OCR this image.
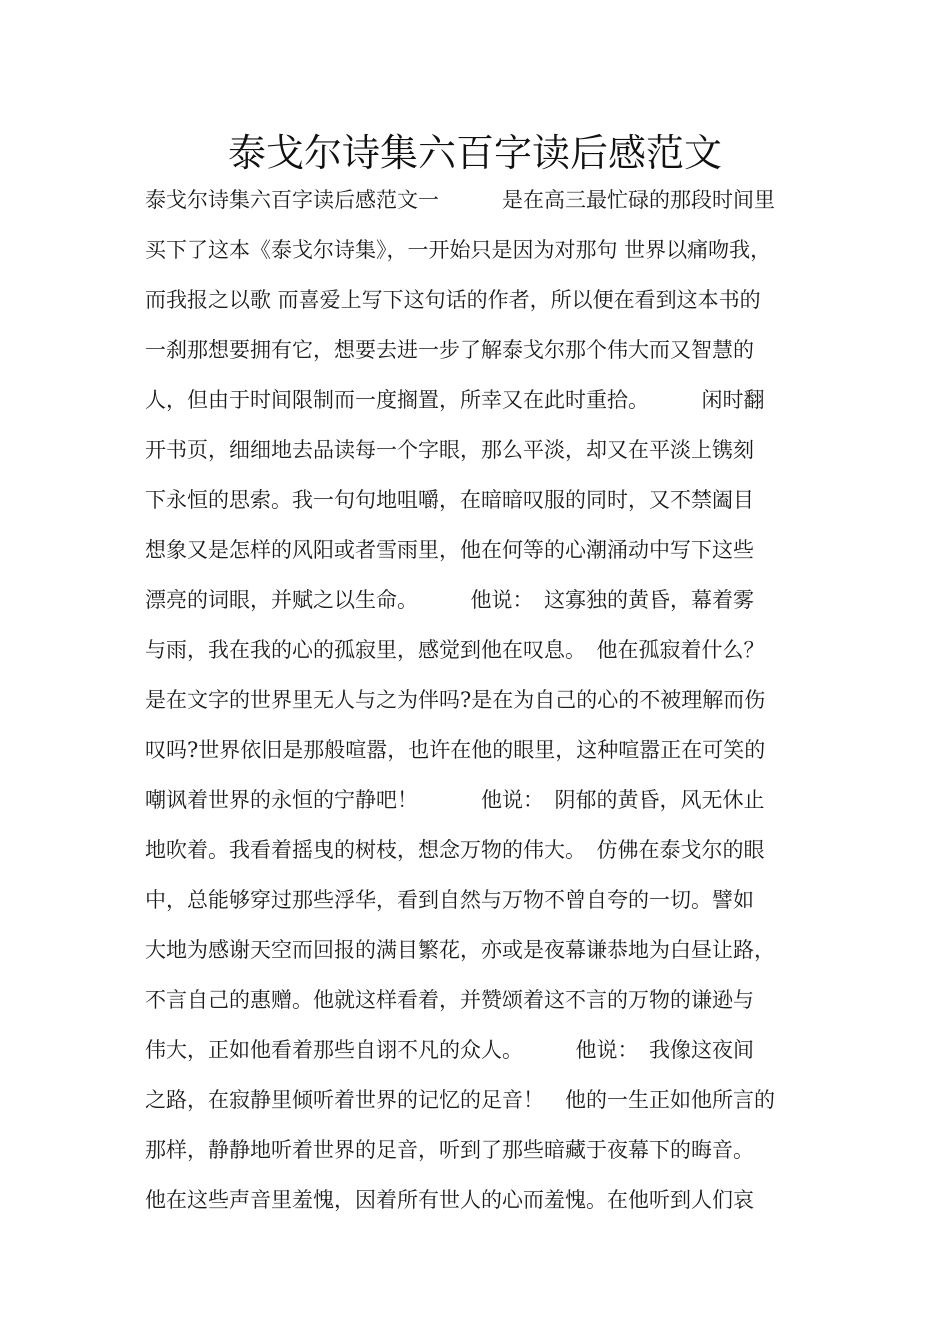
泰戈尔诗集六百字读后感范文
泰戈尔诗集六百字读后感范文一　　　是在高三最忙碌的那段时间里
买下了这本《泰戈尔诗集》，一开始只是因为对那句 世界以痛吻我，
而我报之以歌 而喜爱上写下这句话的作者，所以便在看到这本书的
一刹那想要拥有它，想要去进一步了解泰戈尔那个伟大而又智慧的
人，但由于时间限制而一度搁置，所幸又在此时重拾。　　　闲时翻
开书页，细细地去品读每一个字眼，那么平淡，却又在平淡上镌刻
下永恒的思索。我一句句地咀嚼，在暗暗叹服的同时，又不禁阖目
想象又是怎样的风阳或者雪雨里，他在何等的心潮涌动中写下这些
漂亮的词眼，并赋之以生命。　　　他说：　这寡独的黄昏，幕着雾
与雨，我在我的心的孤寂里，感觉到他在叹息。　他在孤寂着什么？
是在文字的世界里无人与之为伴吗?是在为自己的心的不被理解而伤
叹吗?世界依旧是那般喧嚣，也许在他的眼里，这种喧嚣正在可笑的
嘲讽着世界的永恒的宁静吧！　　　他说：　阴郁的黄昏，风无休止
地吹着。我看着摇曳的树枝，想念万物的伟大。　仿佛在泰戈尔的眼
中，总能够穿过那些浮华，看到自然与万物不曾自夸的一切。譬如
大地为感谢天空而回报的满目繁花，亦或是夜幕谦恭地为白昼让路，
不言自己的惠赠。他就这样看着，并赞颂着这不言的万物的谦逊与
伟大，正如他看着那些自诩不凡的众人。　　　他说：　我像这夜间
之路，在寂静里倾听着世界的记忆的足音！　他的一生正如他所言的
那样，静静地听着世界的足音，听到了那些暗藏于夜幕下的晦音。
他在这些声音里羞愧，因着所有世人的心而羞愧。在他听到人们哀
